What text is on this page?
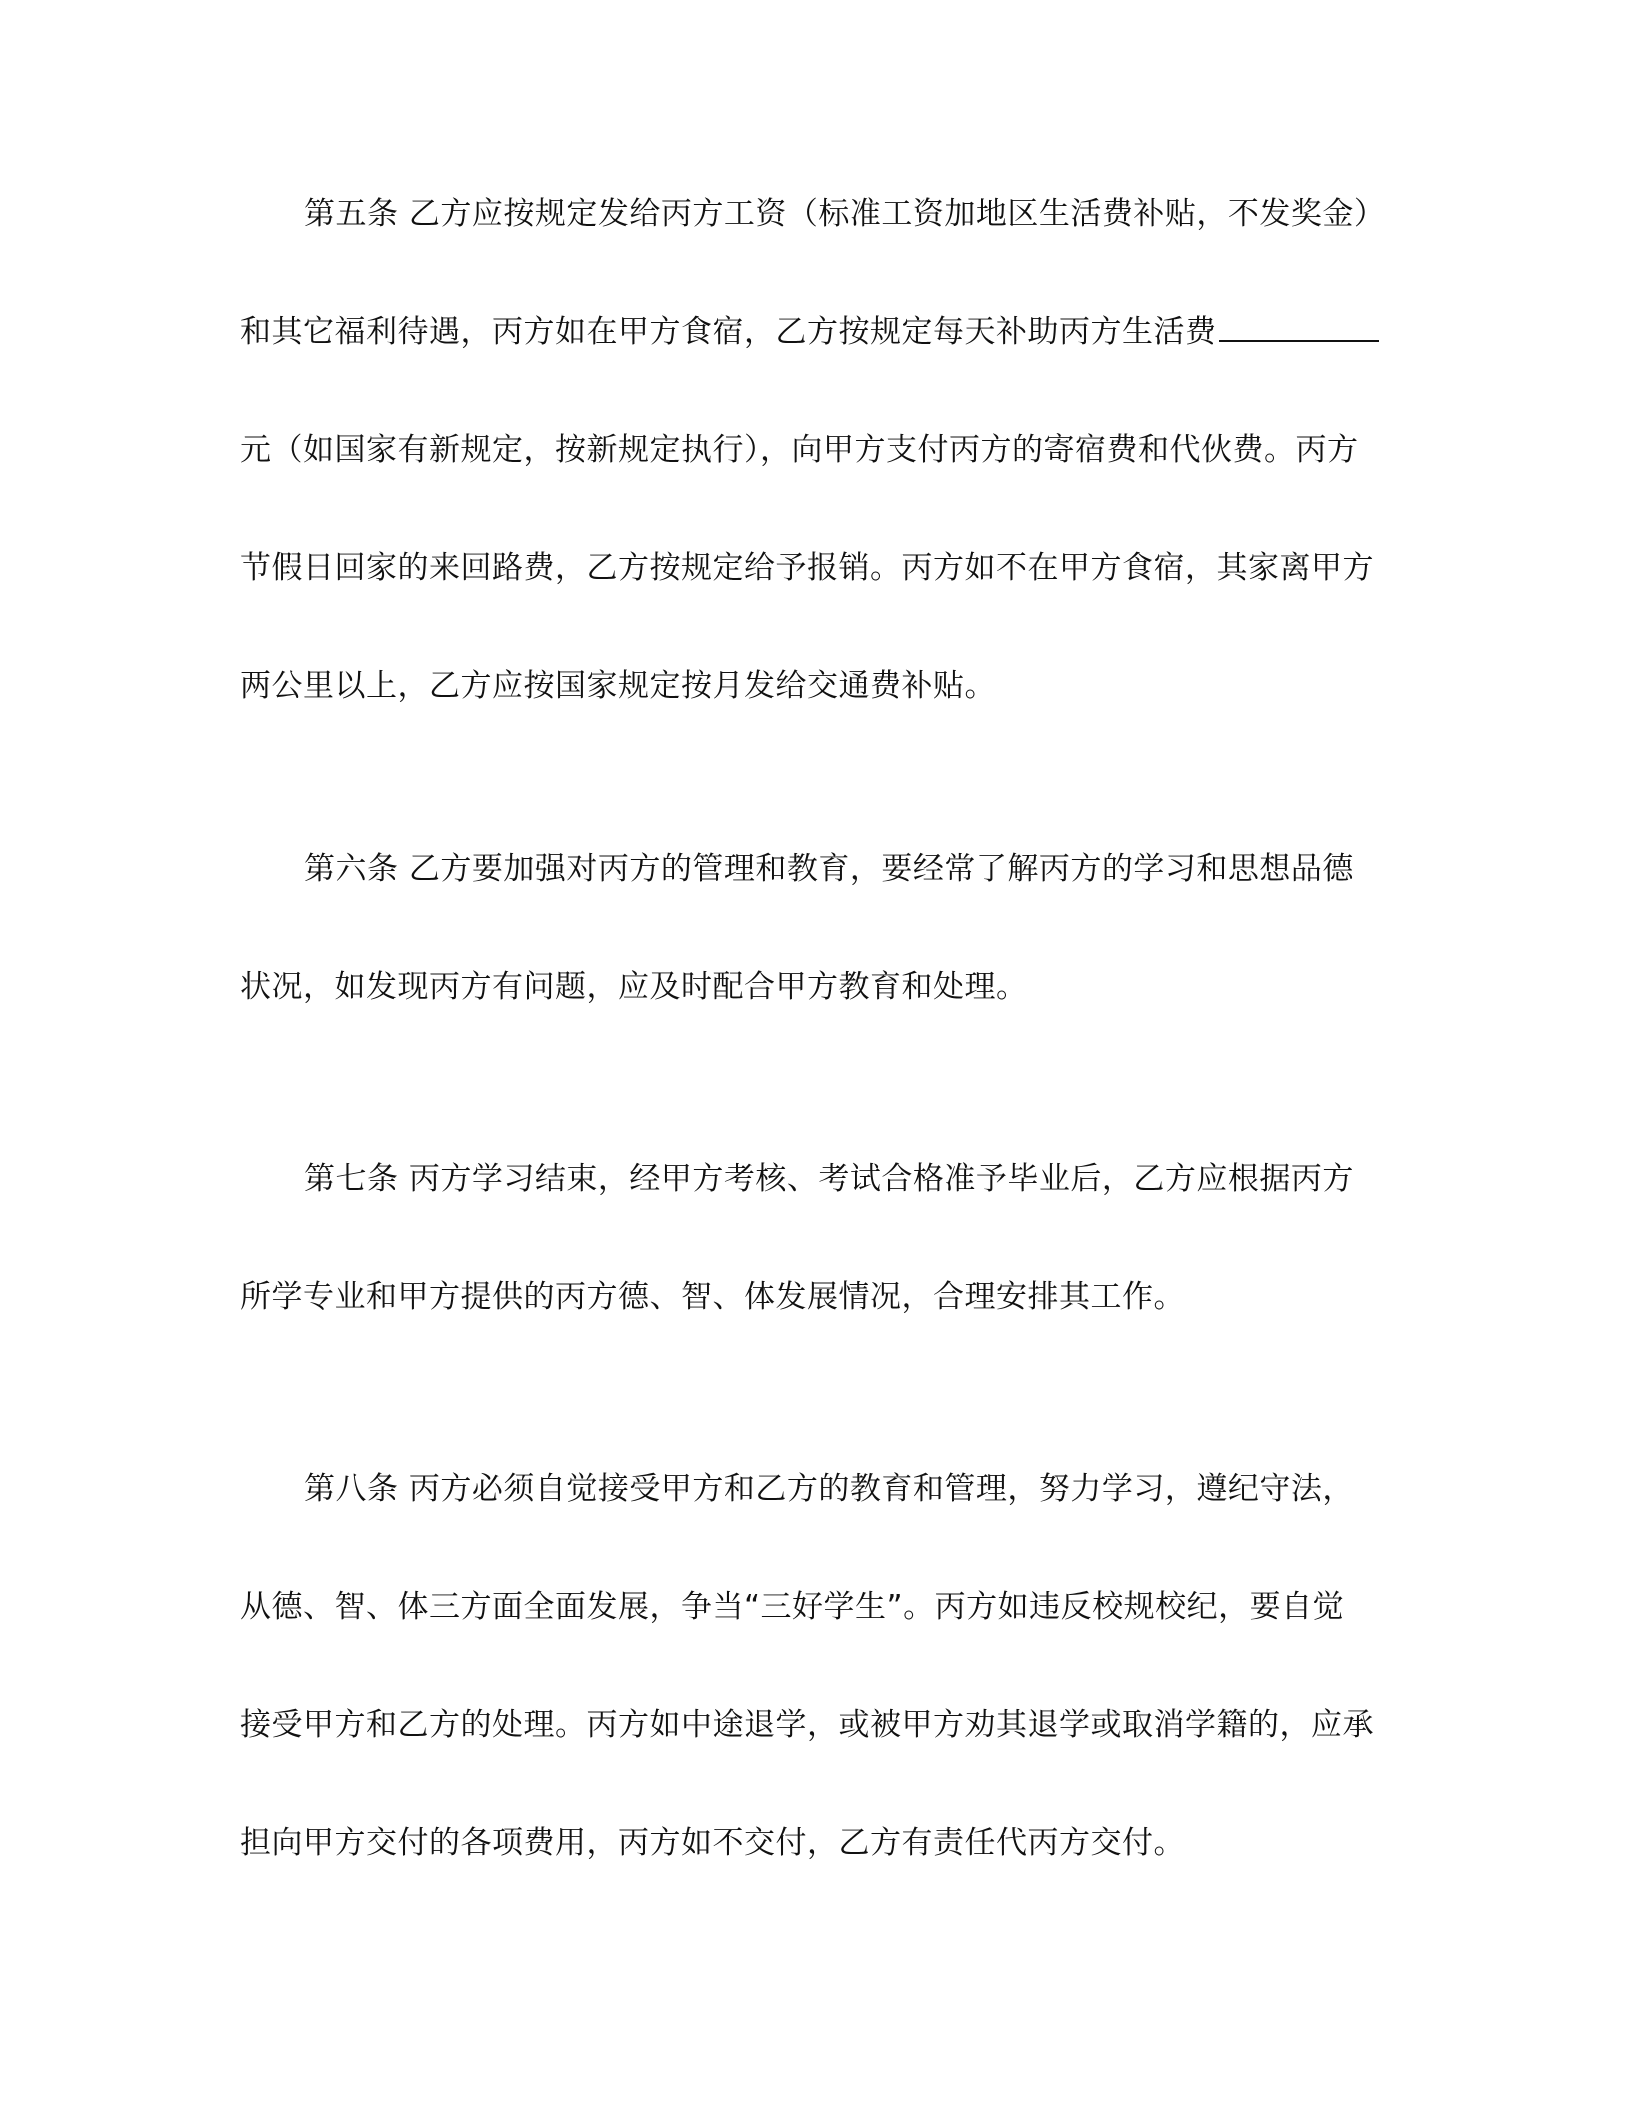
第五条 乙方应按规定发给丙方工资（标准工资加地区生活费补贴，不发奖金）
和其它福利待遇，丙方如在甲方食宿，乙方按规定每天补助丙方生活费
元（如国家有新规定，按新规定执行），向甲方支付丙方的寄宿费和代伙费。丙方
节假日回家的来回路费，乙方按规定给予报销。丙方如不在甲方食宿，其家离甲方
两公里以上，乙方应按国家规定按月发给交通费补贴。
第六条 乙方要加强对丙方的管理和教育，要经常了解丙方的学习和思想品德
状况，如发现丙方有问题，应及时配合甲方教育和处理。
第七条 丙方学习结束，经甲方考核、考试合格准予毕业后，乙方应根据丙方
所学专业和甲方提供的丙方德、智、体发展情况，合理安排其工作。
第八条 丙方必须自觉接受甲方和乙方的教育和管理，努力学习，遵纪守法，
从德、智、体三方面全面发展，争当“三好学生”。丙方如违反校规校纪，要自觉
接受甲方和乙方的处理。丙方如中途退学，或被甲方劝其退学或取消学籍的，应承
担向甲方交付的各项费用，丙方如不交付，乙方有责任代丙方交付。
